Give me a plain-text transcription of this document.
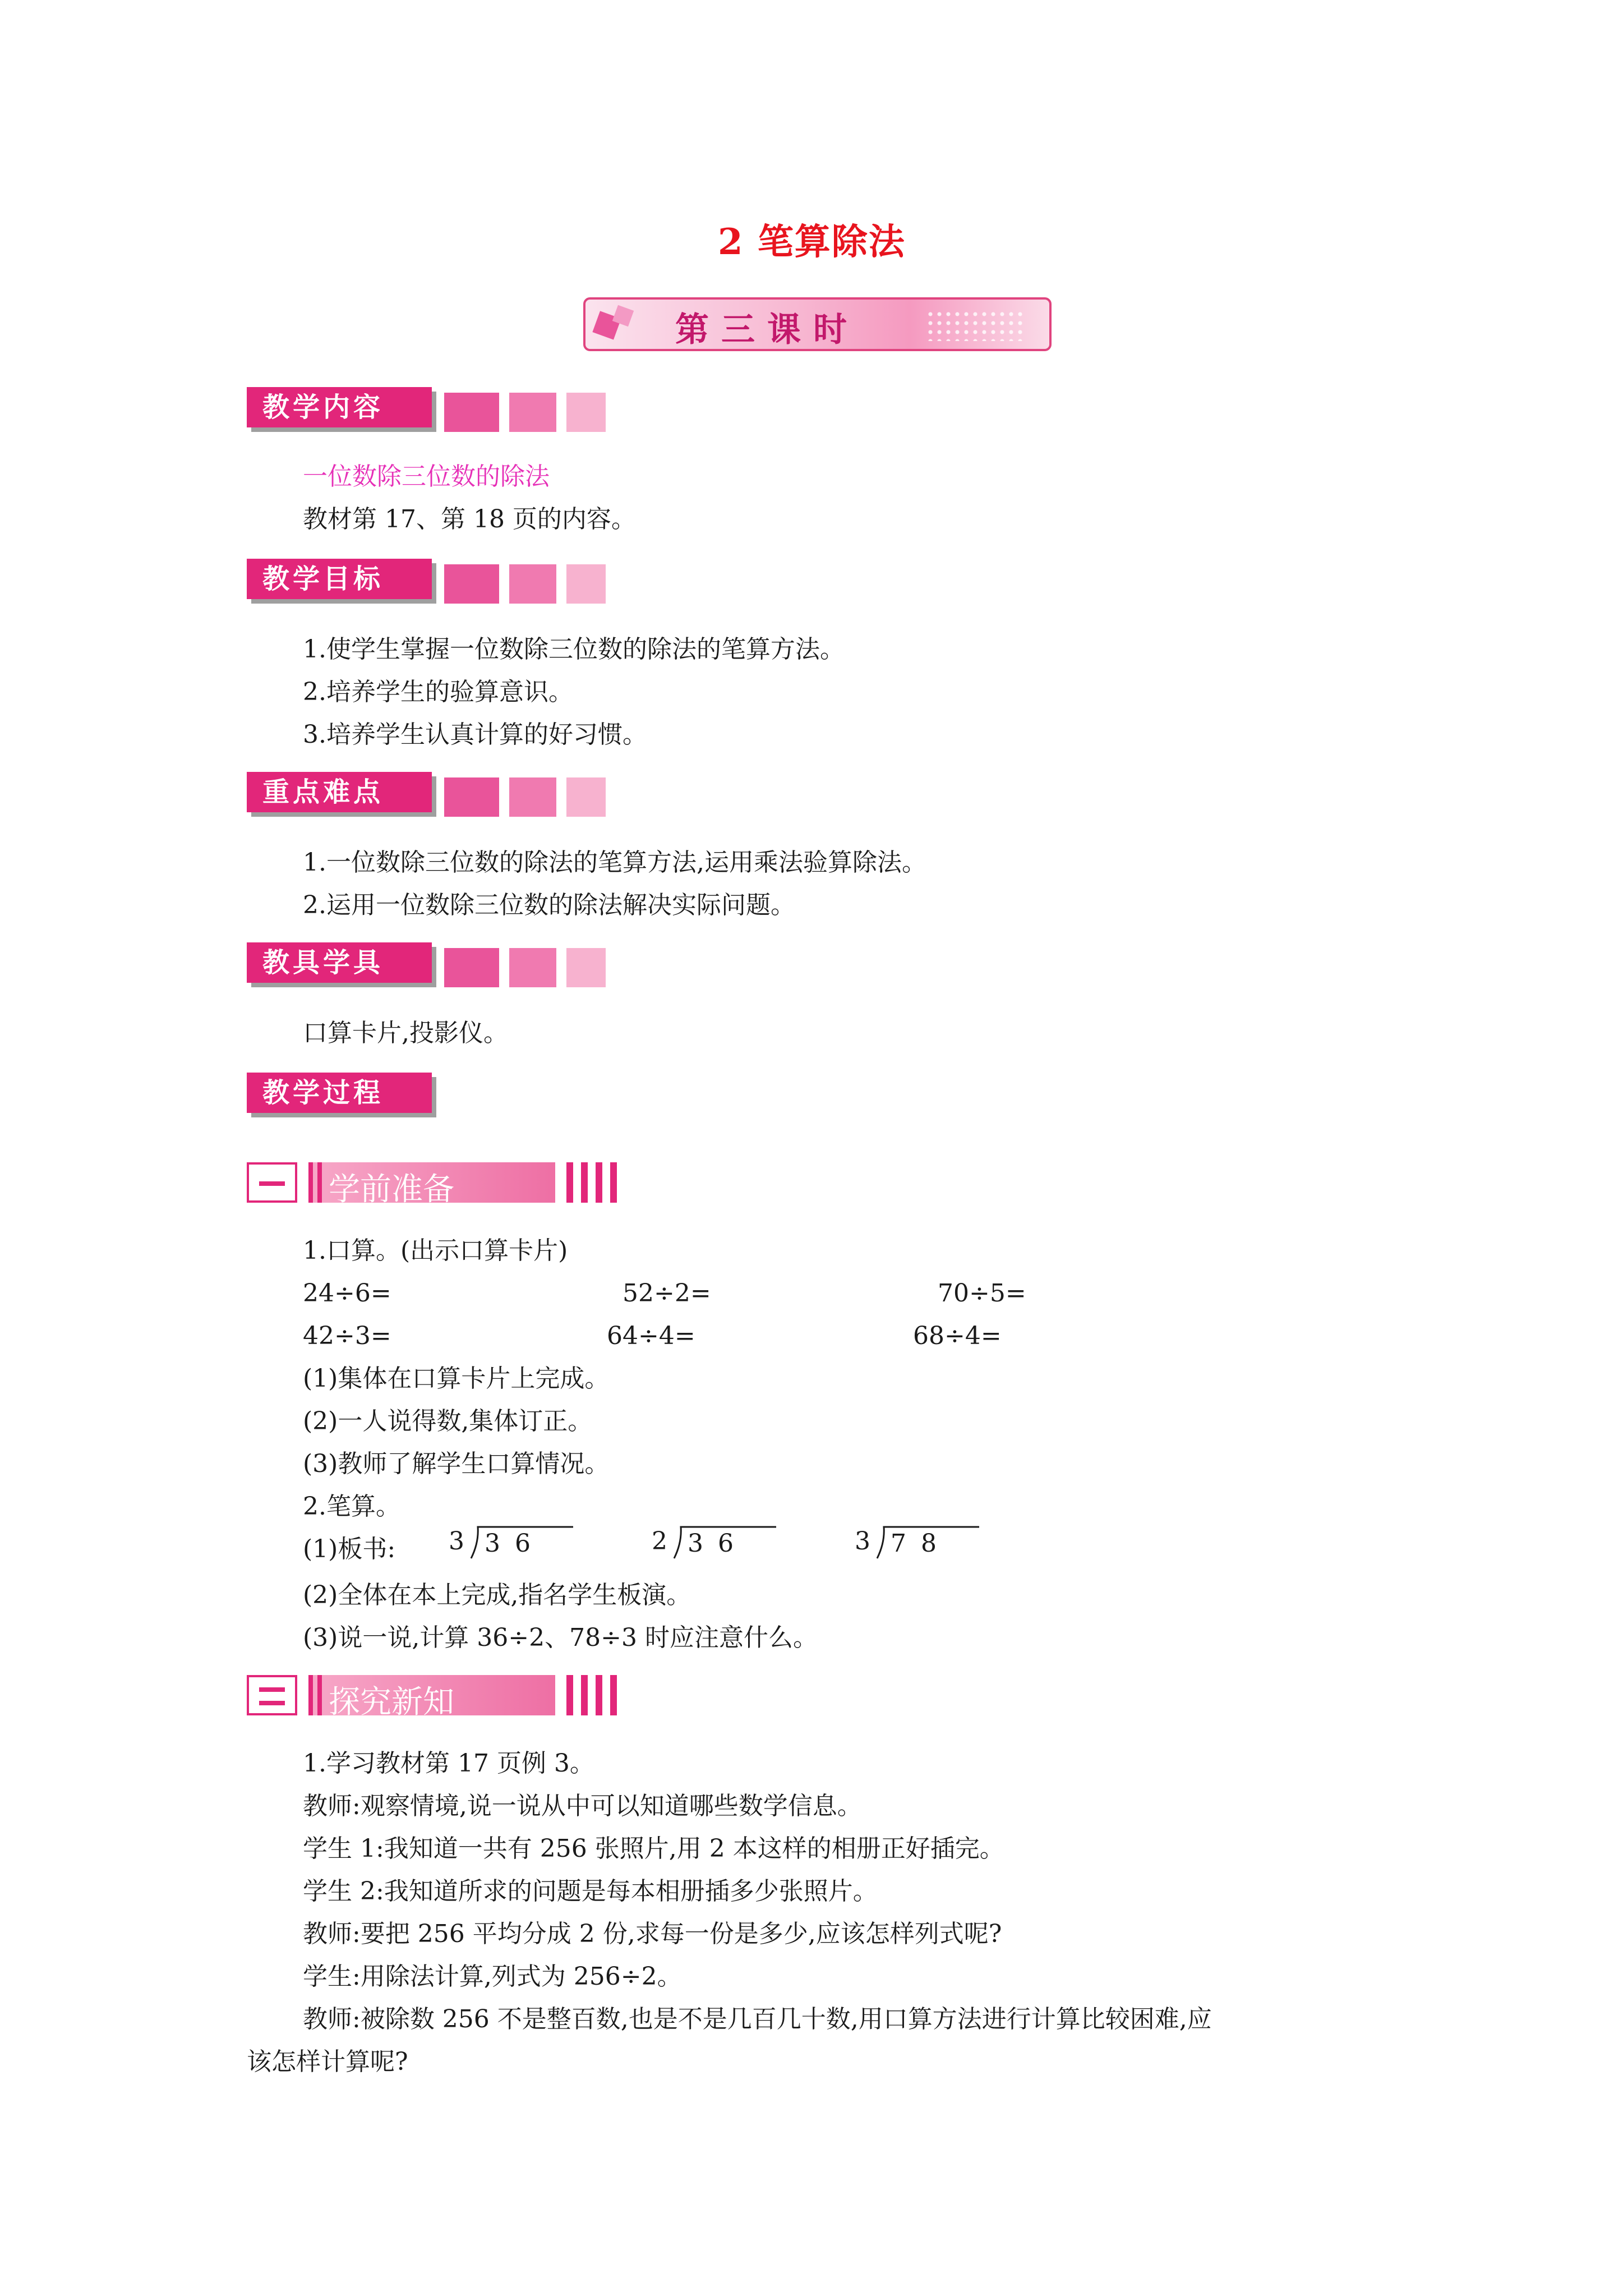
2 笔算除法
第三课时
教学内容
一位数除三位数的除法
教材第 17、第 18 页的内容。
教学目标
1.使学生掌握一位数除三位数的除法的笔算方法。
2.培养学生的验算意识。
3.培养学生认真计算的好习惯。
重点难点
1.一位数除三位数的除法的笔算方法,运用乘法验算除法。
2.运用一位数除三位数的除法解决实际问题。
教具学具
口算卡片,投影仪。
教学过程
学前准备
1.口算。(出示口算卡片)
24÷6=	52÷2=	70÷5=
42÷3=	64÷4=	68÷4=
(1)集体在口算卡片上完成。
(2)一人说得数,集体订正。
(3)教师了解学生口算情况。
2.笔算。
(1)板书: 3 36	2 36	3 78
(2)全体在本上完成,指名学生板演。
(3)说一说,计算 36÷2、78÷3 时应注意什么。
探究新知
1.学习教材第 17 页例 3。
教师:观察情境,说一说从中可以知道哪些数学信息。
学生 1:我知道一共有 256 张照片,用 2 本这样的相册正好插完。
学生 2:我知道所求的问题是每本相册插多少张照片。
教师:要把 256 平均分成 2 份,求每一份是多少,应该怎样列式呢?
学生:用除法计算,列式为 256÷2。
教师:被除数 256 不是整百数,也是不是几百几十数,用口算方法进行计算比较困难,应
该怎样计算呢?
